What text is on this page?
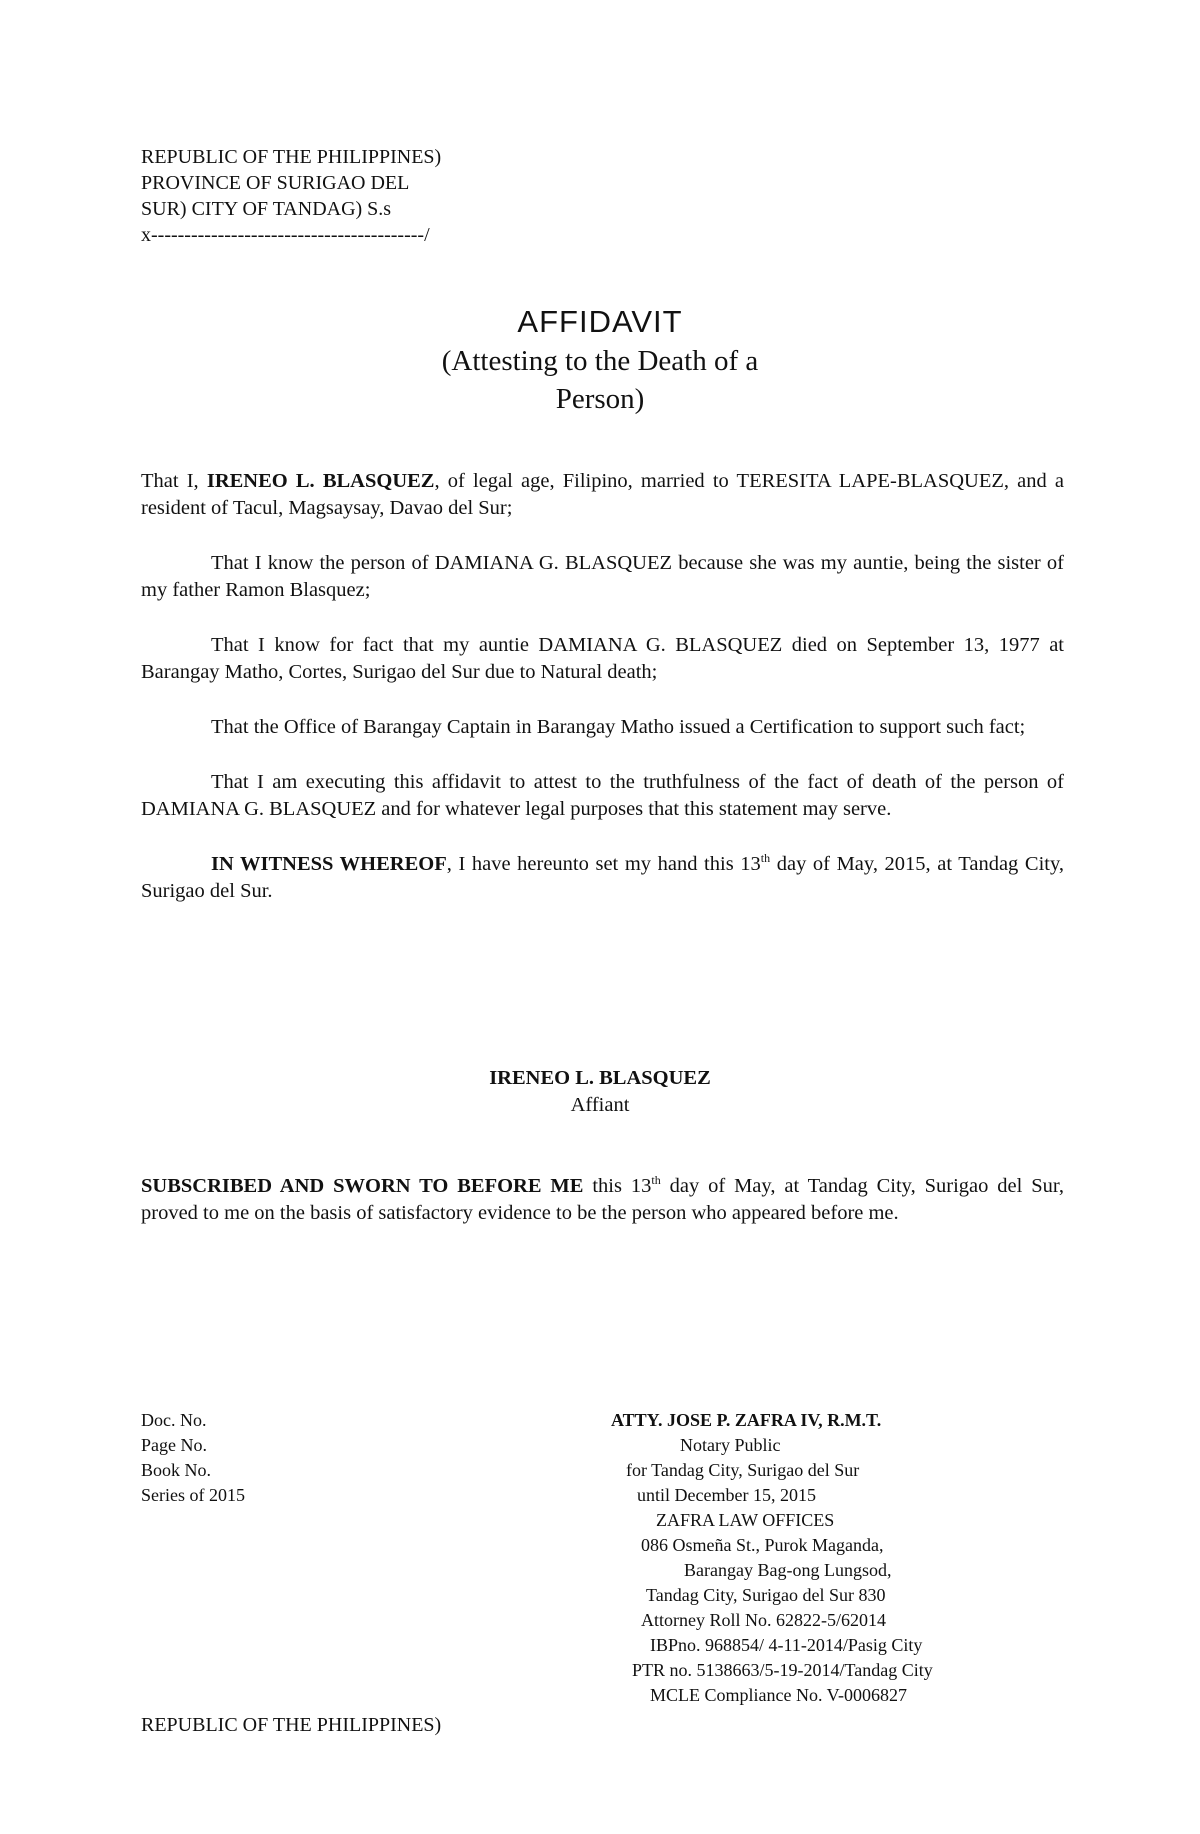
REPUBLIC OF THE PHILIPPINES)
PROVINCE OF SURIGAO DEL
SUR) CITY OF TANDAG) S.s
x-----------------------------------------/
AFFIDAVIT
(Attesting to the Death of a
Person)

That I, IRENEO L. BLASQUEZ, of legal age, Filipino, married to TERESITA LAPE-BLASQUEZ, and a resident of Tacul, Magsaysay, Davao del Sur;

That I know the person of DAMIANA G. BLASQUEZ because she was my auntie, being the sister of my father Ramon Blasquez;

That I know for fact that my auntie DAMIANA G. BLASQUEZ died on September 13, 1977 at Barangay Matho, Cortes, Surigao del Sur due to Natural death;

That the Office of Barangay Captain in Barangay Matho issued a Certification to support such fact;

That I am executing this affidavit to attest to the truthfulness of the fact of death of the person of DAMIANA G. BLASQUEZ and for whatever legal purposes that this statement may serve.

IN WITNESS WHEREOF, I have hereunto set my hand this 13th day of May, 2015, at Tandag City, Surigao del Sur.

IRENEO L. BLASQUEZ
Affiant
SUBSCRIBED AND SWORN TO BEFORE ME this 13th day of May, at Tandag City, Surigao del Sur, proved to me on the basis of satisfactory evidence to be the person who appeared before me.
Doc. No.
Page No.
Book No.
Series of 2015
ATTY. JOSE P. ZAFRA IV, R.M.T.
Notary Public
for Tandag City, Surigao del Sur
until December 15, 2015
ZAFRA LAW OFFICES
086 Osmeña St., Purok Maganda,
Barangay Bag-ong Lungsod,
Tandag City, Surigao del Sur 830
Attorney Roll No. 62822-5/62014
IBPno. 968854/ 4-11-2014/Pasig City
PTR no. 5138663/5-19-2014/Tandag City
MCLE Compliance No. V-0006827
REPUBLIC OF THE PHILIPPINES)
